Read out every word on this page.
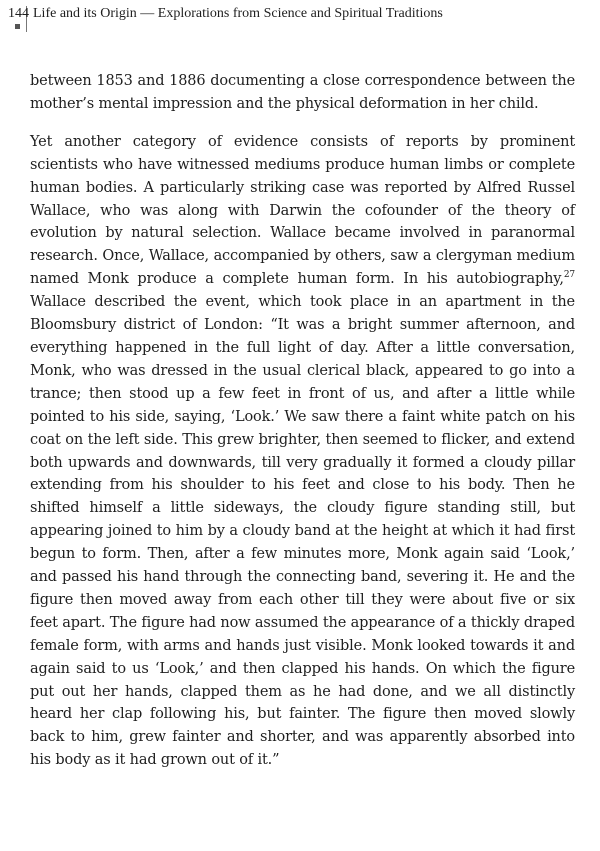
144 Life and its Origin — Explorations from Science and Spiritual Traditions

between 1853 and 1886 documenting a close correspondence between the mother’s mental impression and the physical deformation in her child.

Yet another category of evidence consists of reports by prominent scientists who have witnessed mediums produce human limbs or complete human bodies. A particularly striking case was reported by Alfred Russel Wallace, who was along with Darwin the cofounder of the theory of evolution by natural selection. Wallace became involved in paranormal research. Once, Wallace, accompanied by others, saw a clergyman medium named Monk produce a complete human form. In his autobiography,$^{27}$ Wallace described the event, which took place in an apartment in the Bloomsbury district of London: “It was a bright summer afternoon, and everything happened in the full light of day. After a little conversation, Monk, who was dressed in the usual clerical black, appeared to go into a trance; then stood up a few feet in front of us, and after a little while pointed to his side, saying, ‘Look.’ We saw there a faint white patch on his coat on the left side. This grew brighter, then seemed to flicker, and extend both upwards and downwards, till very gradually it formed a cloudy pillar extending from his shoulder to his feet and close to his body. Then he shifted himself a little sideways, the cloudy figure standing still, but appearing joined to him by a cloudy band at the height at which it had first begun to form. Then, after a few minutes more, Monk again said ‘Look,’ and passed his hand through the connecting band, severing it. He and the figure then moved away from each other till they were about five or six feet apart. The figure had now assumed the appearance of a thickly draped female form, with arms and hands just visible. Monk looked towards it and again said to us ‘Look,’ and then clapped his hands. On which the figure put out her hands, clapped them as he had done, and we all distinctly heard her clap following his, but fainter. The figure then moved slowly back to him, grew fainter and shorter, and was apparently absorbed into his body as it had grown out of it.”
